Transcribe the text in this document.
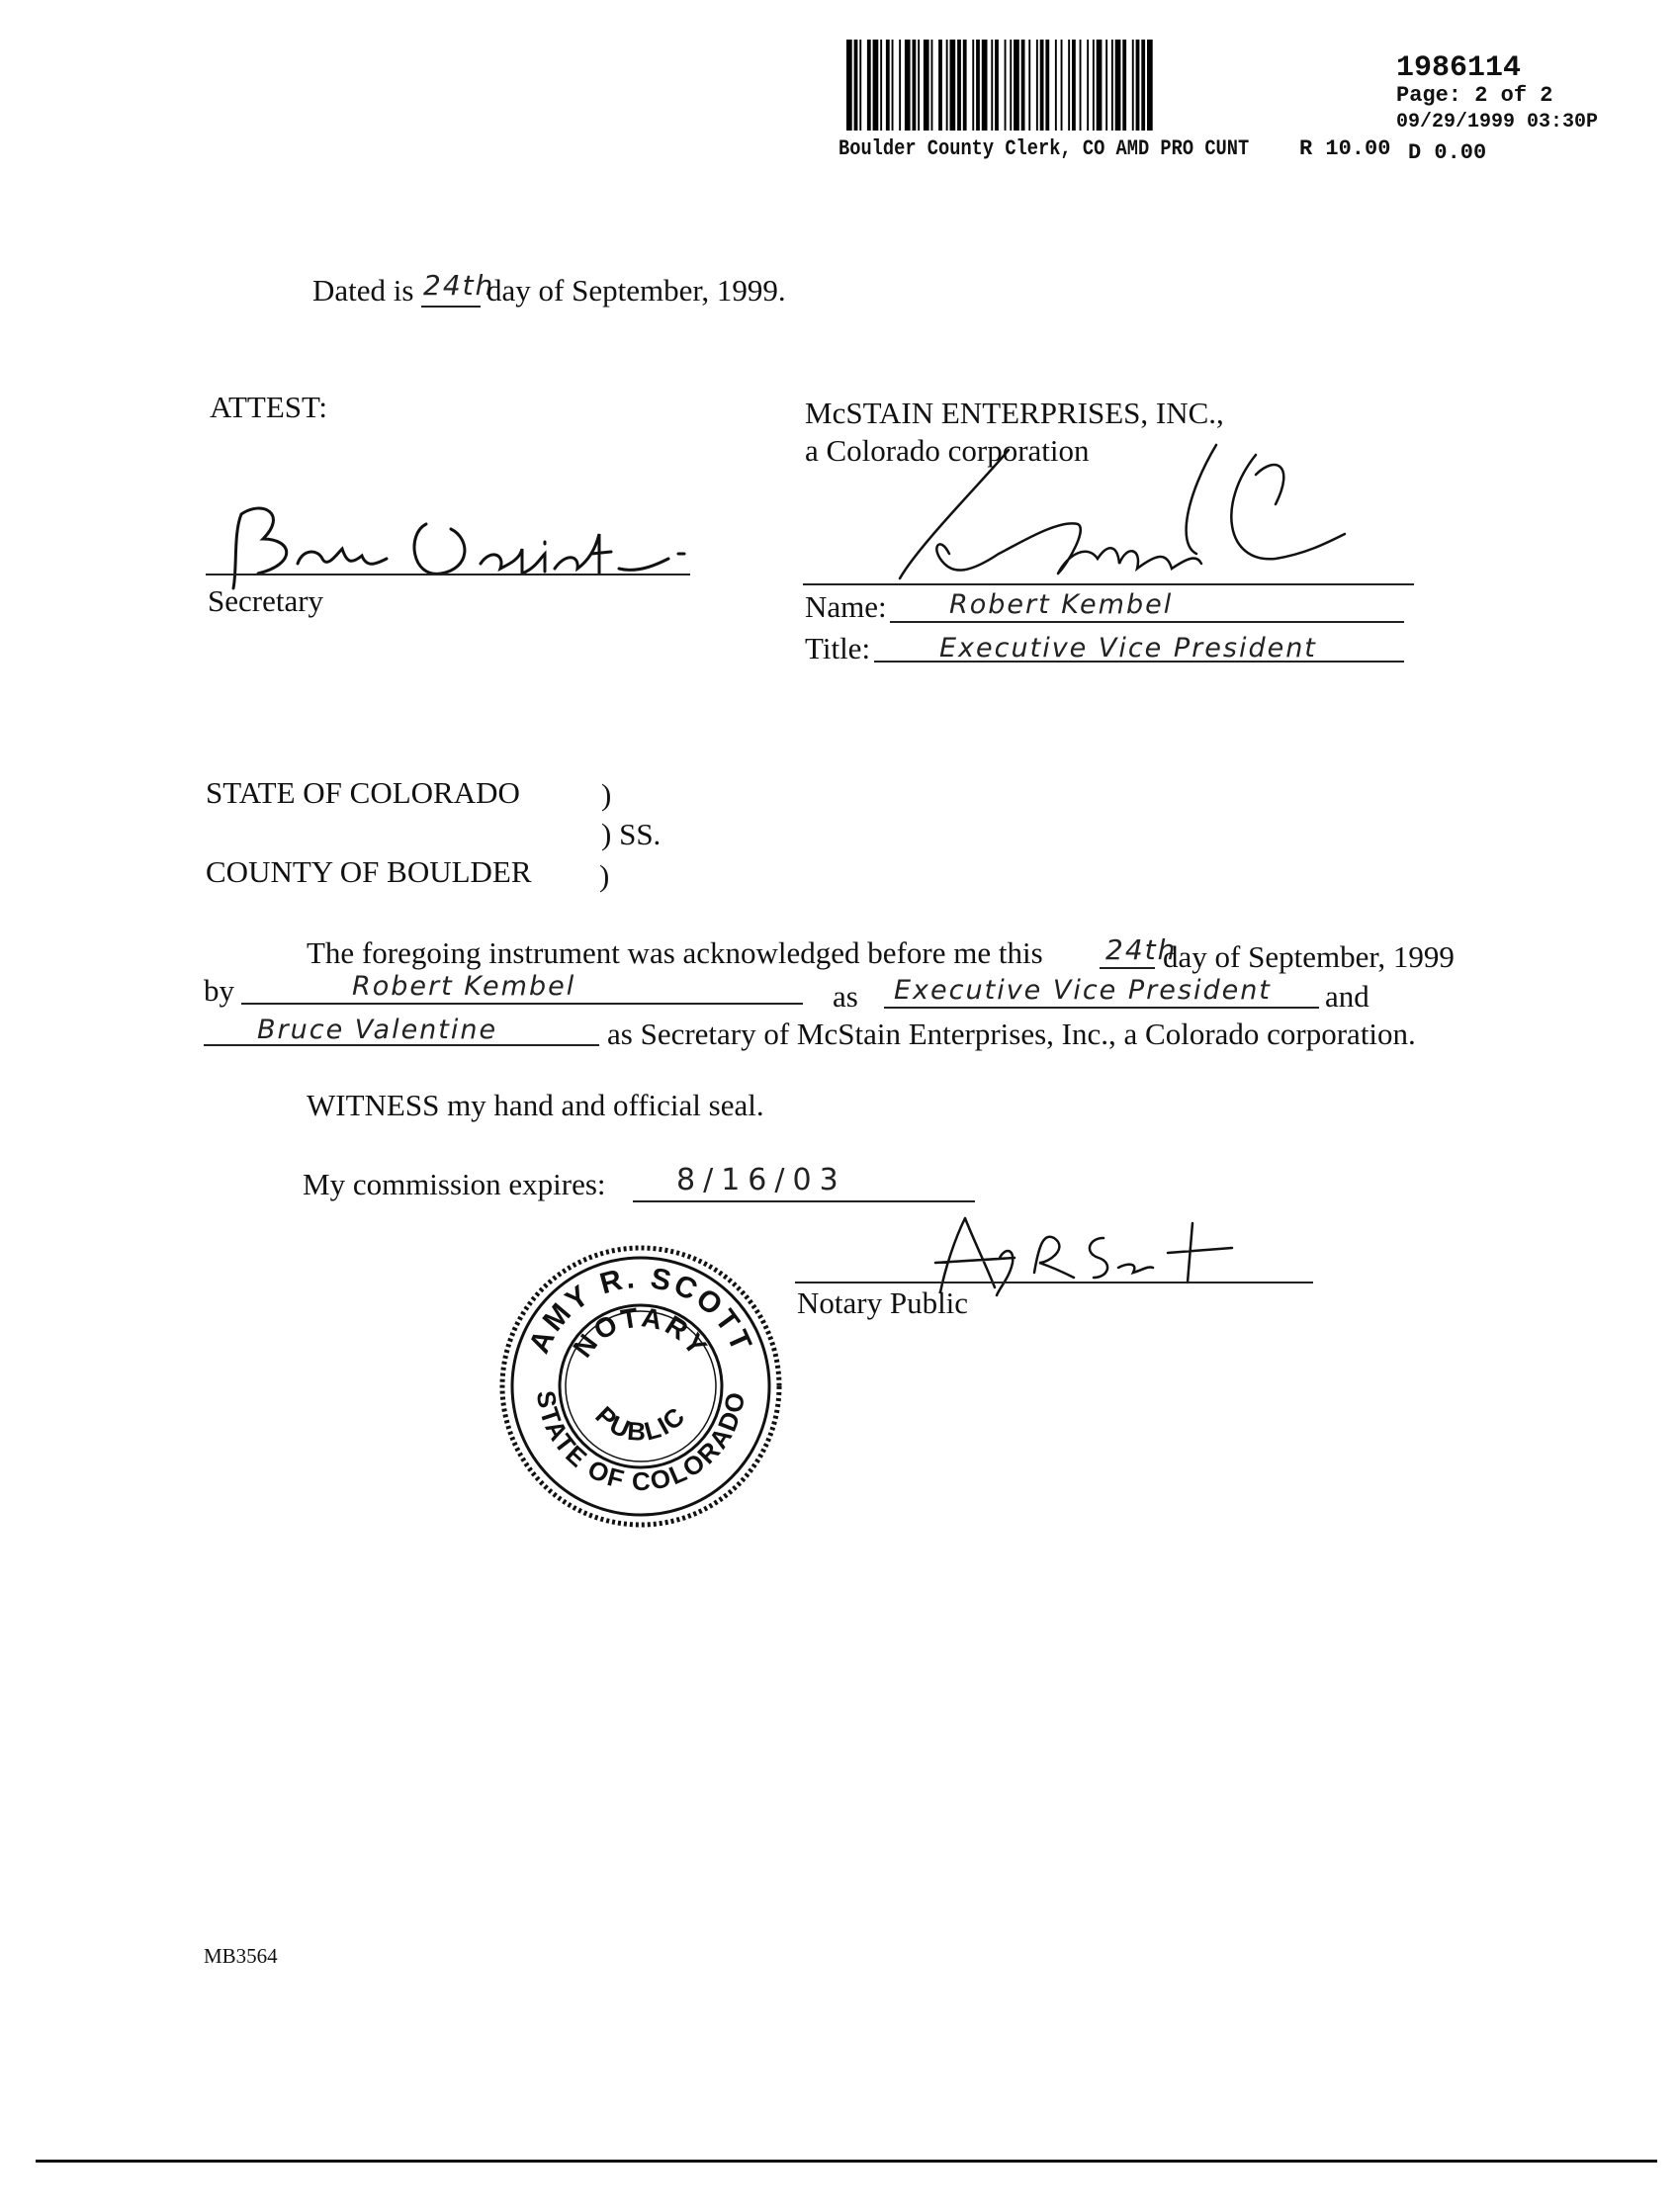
1986114
Page: 2 of 2
09/29/1999 03:30P
Boulder County Clerk, CO AMD PRO CUNT R 10.00 D 0.00
Dated is 24th
day of September, 1999.
ATTEST:	McSTAIN ENTERPRISES, INC.,
a Colorado corporation
Secretary	Name: Robert Kembel
Title:	Executive Vice President
STATE OF COLORADO	)
) SS.
COUNTY OF BOULDER )
The foregoing instrument was acknowledged before me this 24th
day of September, 1999
by	Robert Kembel	as Executive Vice President and
Bruce Valentine	as Secretary of McStain Enterprises, Inc., a Colorado corporation.
WITNESS my hand and official seal.
My commission expires: 8/16/03
Notary Public
AMY R. SCOTT
STATE OF COLORADO
NOTARY
PUBLIC
MB3564
